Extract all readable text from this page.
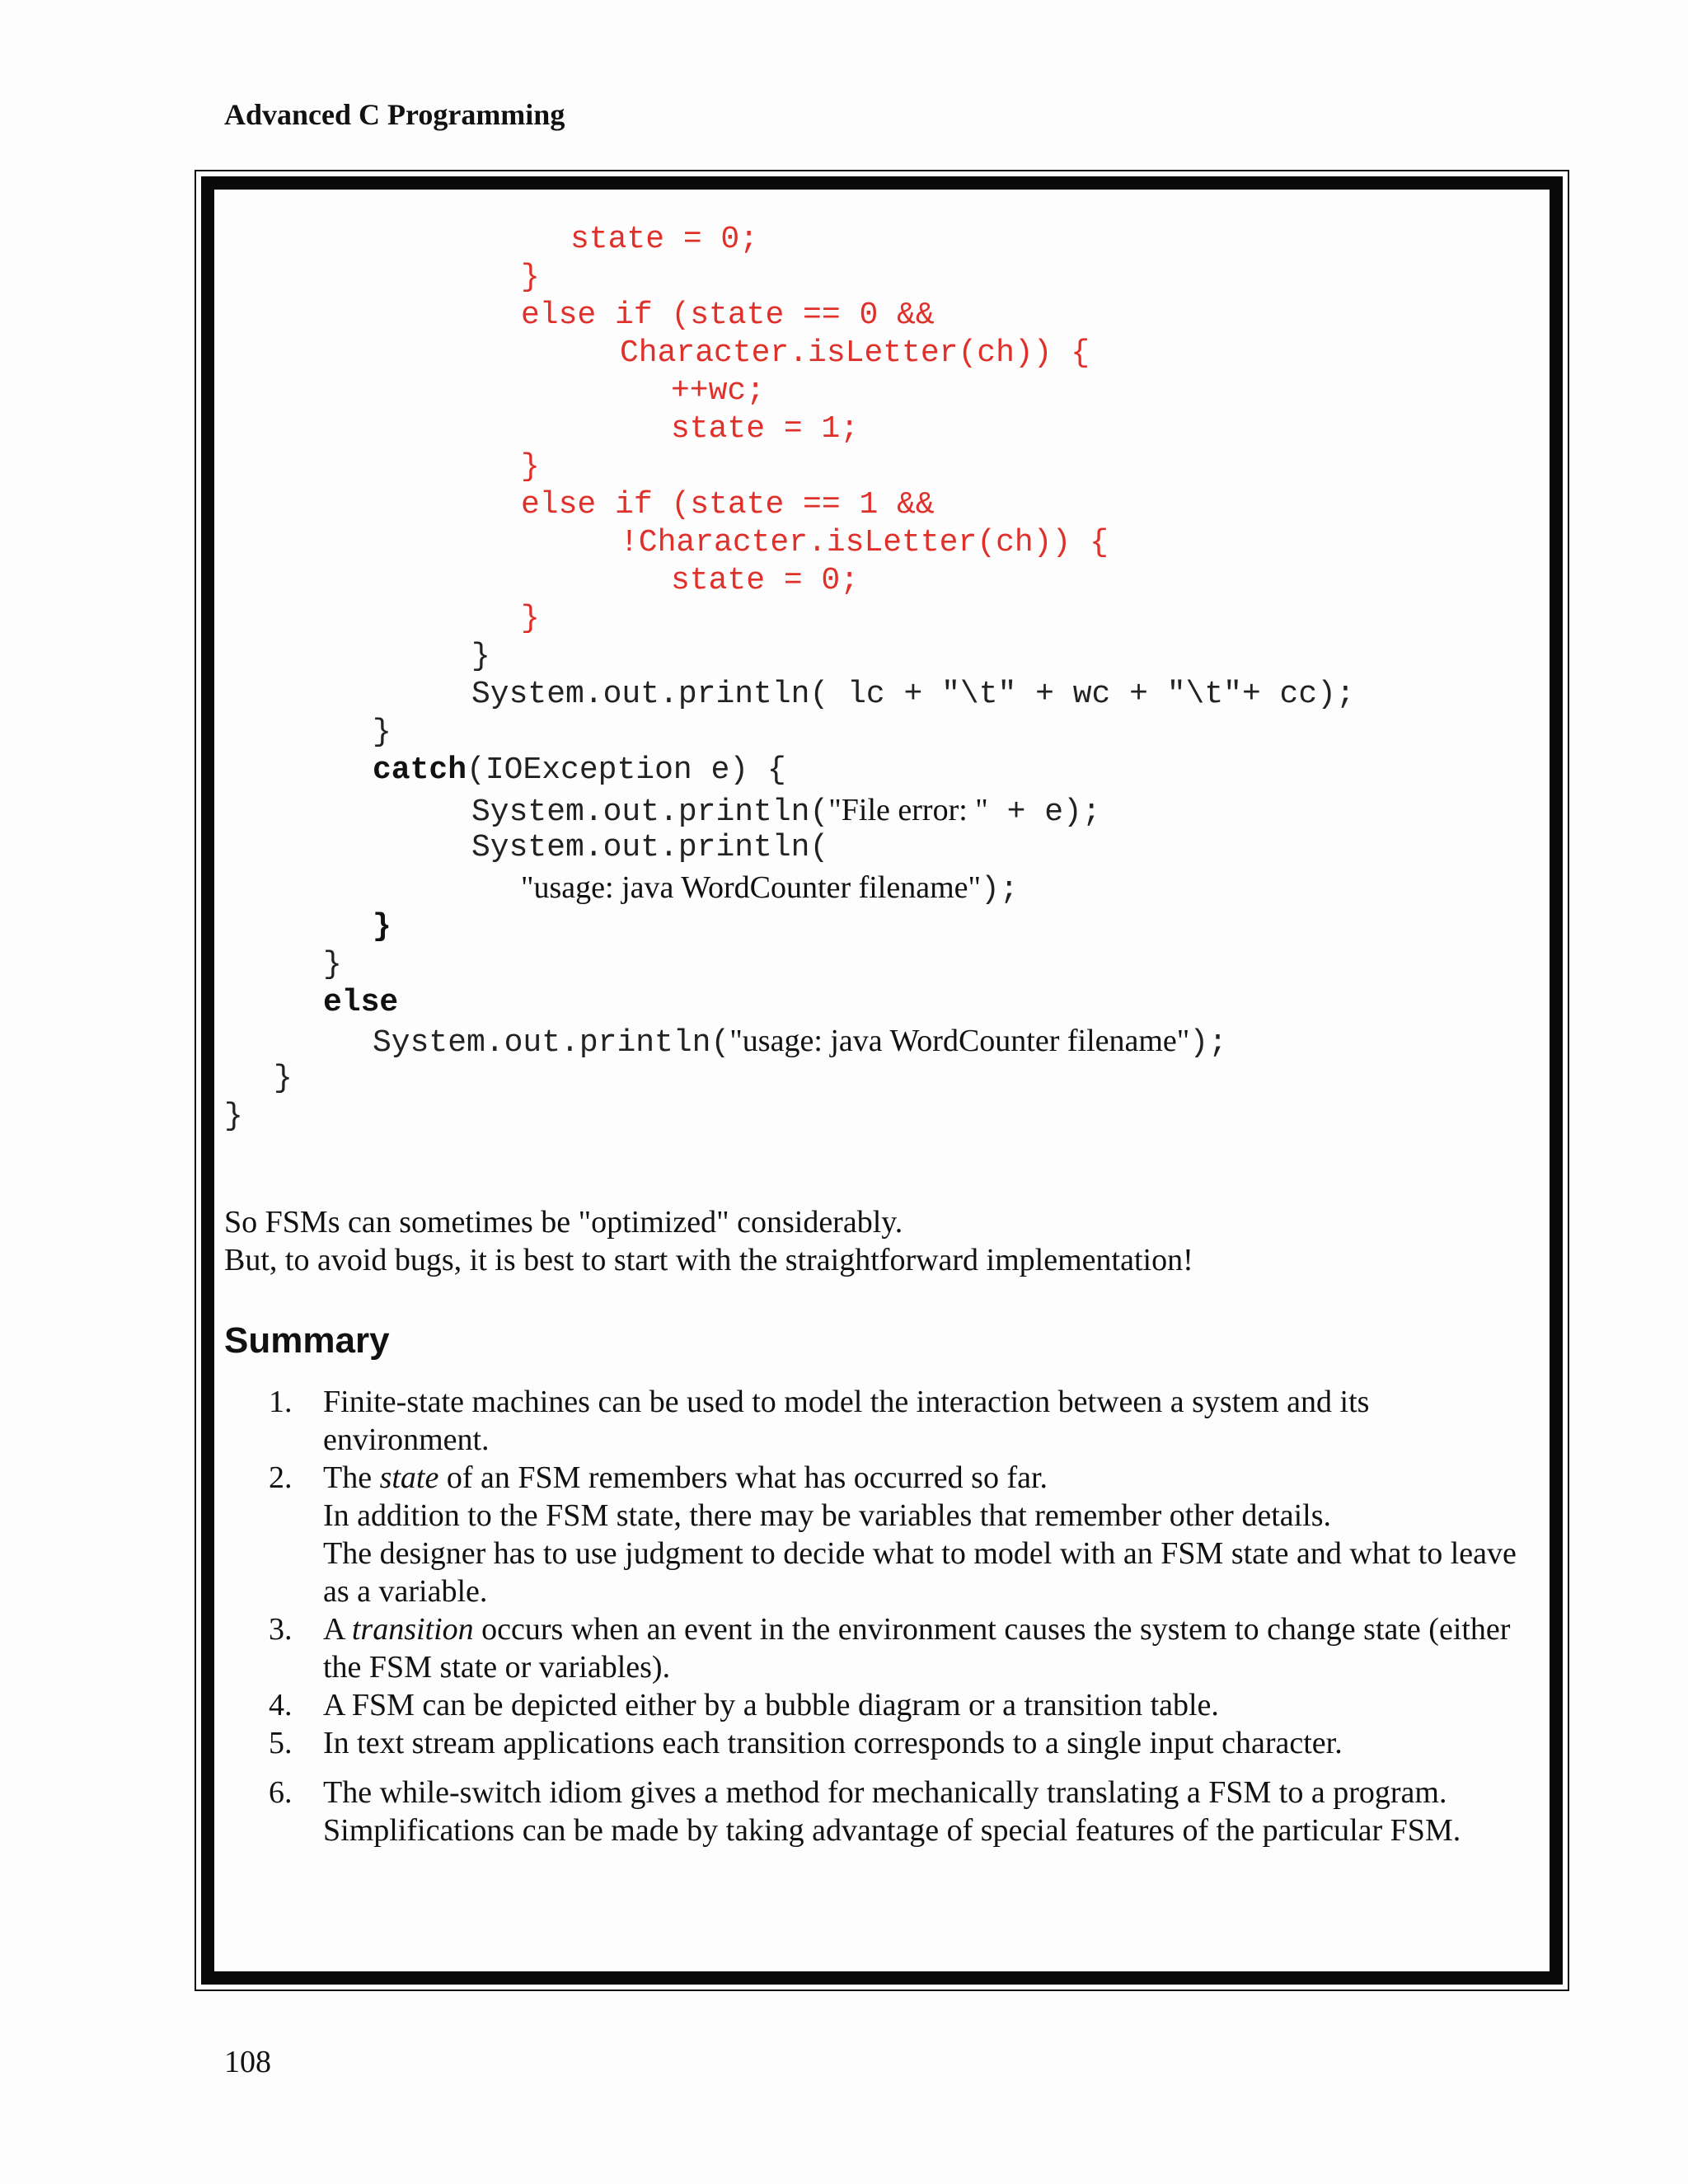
Advanced C Programming
state = 0;
}
else if (state == 0 &&
Character.isLetter(ch)) {
++wc;
state = 1;
}
else if (state == 1 &&
!Character.isLetter(ch)) {
state = 0;
}
}
System.out.println( lc + "\t" + wc + "\t"+ cc);
}
catch(IOException e) {
System.out.println("File error: " + e);
System.out.println(
"usage: java WordCounter filename");
}
}
else
System.out.println("usage: java WordCounter filename");
}
}
So FSMs can sometimes be "optimized" considerably.
But, to avoid bugs, it is best to start with the straightforward implementation!
Summary
1. Finite-state machines can be used to model the interaction between a system and its environment.
2. The state of an FSM remembers what has occurred so far.
In addition to the FSM state, there may be variables that remember other details.
The designer has to use judgment to decide what to model with an FSM state and what to leave as a variable.
3. A transition occurs when an event in the environment causes the system to change state (either the FSM state or variables).
4. A FSM can be depicted either by a bubble diagram or a transition table.
5. In text stream applications each transition corresponds to a single input character.
6. The while-switch idiom gives a method for mechanically translating a FSM to a program. Simplifications can be made by taking advantage of special features of the particular FSM.
108
